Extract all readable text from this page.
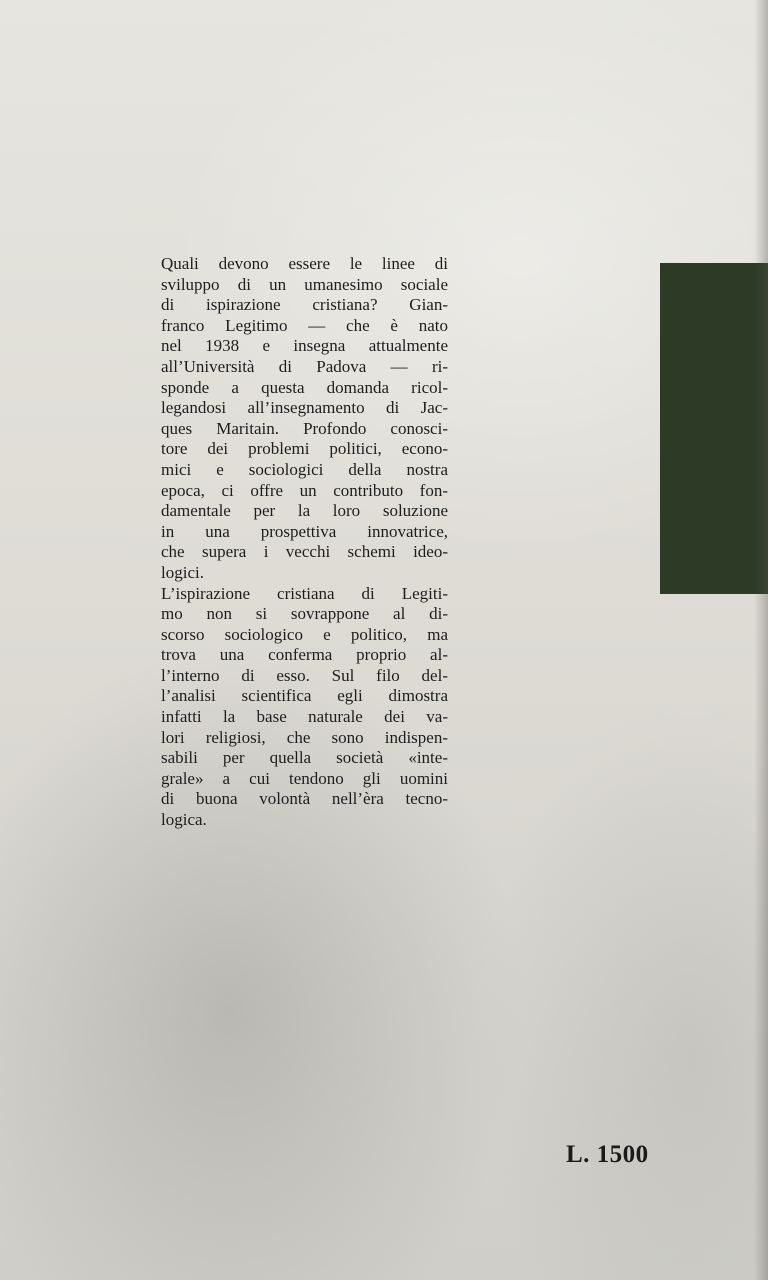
Quali devono essere le linee di
sviluppo di un umanesimo sociale
di ispirazione cristiana? Gian-
franco Legitimo — che è nato
nel 1938 e insegna attualmente
all’Università di Padova — ri-
sponde a questa domanda ricol-
legandosi all’insegnamento di Jac-
ques Maritain. Profondo conosci-
tore dei problemi politici, econo-
mici e sociologici della nostra
epoca, ci offre un contributo fon-
damentale per la loro soluzione
in una prospettiva innovatrice,
che supera i vecchi schemi ideo-
logici.
L’ispirazione cristiana di Legiti-
mo non si sovrappone al di-
scorso sociologico e politico, ma
trova una conferma proprio al-
l’interno di esso. Sul filo del-
l’analisi scientifica egli dimostra
infatti la base naturale dei va-
lori religiosi, che sono indispen-
sabili per quella società «inte-
grale» a cui tendono gli uomini
di buona volontà nell’èra tecno-
logica.
L. 1500
